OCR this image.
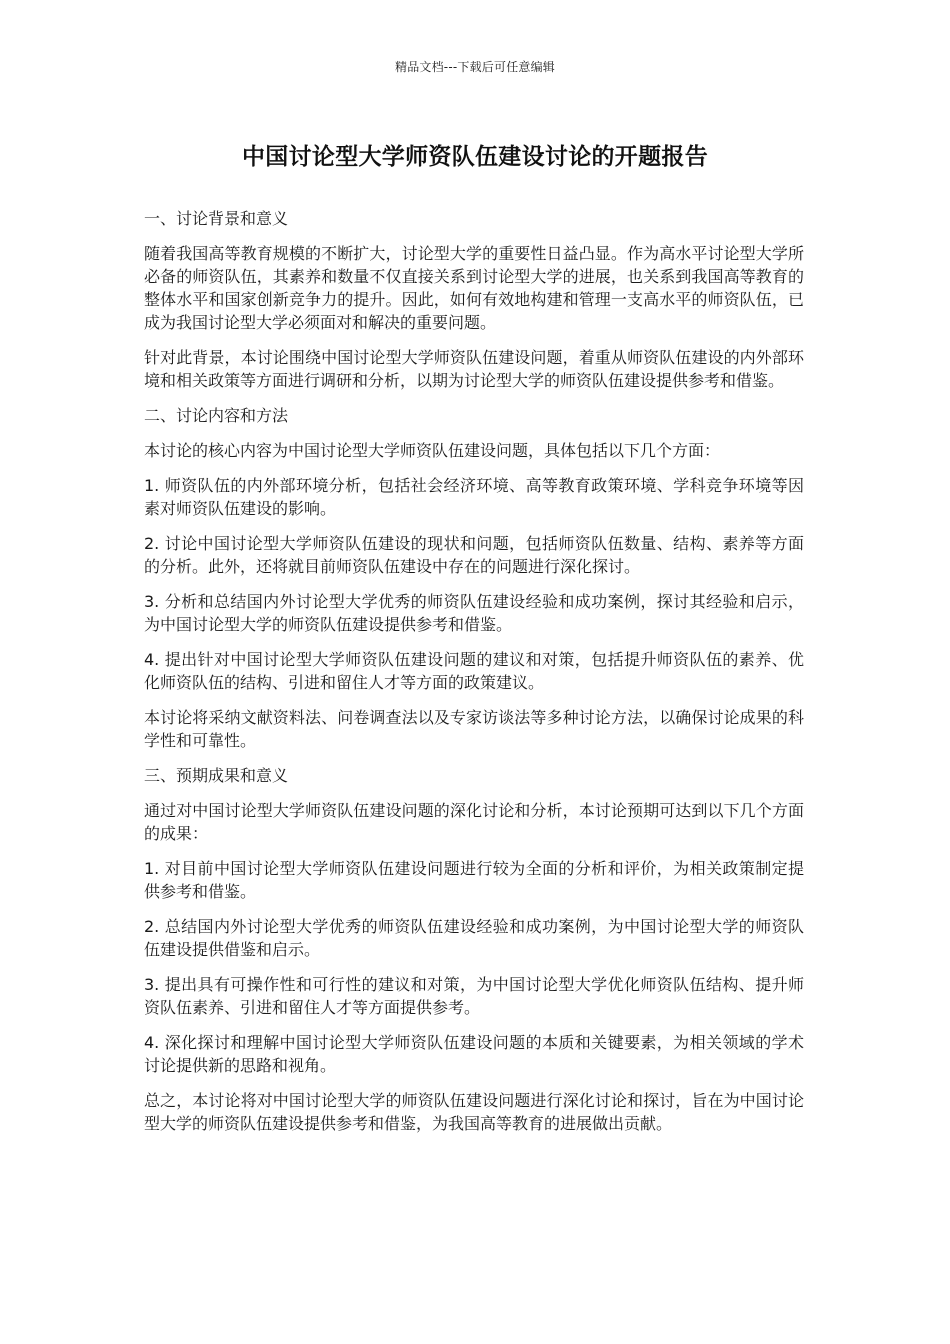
精品文档---下载后可任意编辑
中国讨论型大学师资队伍建设讨论的开题报告
一、讨论背景和意义

随着我国高等教育规模的不断扩大，讨论型大学的重要性日益凸显。作为高水平讨论型大学所必备的师资队伍，其素养和数量不仅直接关系到讨论型大学的进展，也关系到我国高等教育的整体水平和国家创新竞争力的提升。因此，如何有效地构建和管理一支高水平的师资队伍，已成为我国讨论型大学必须面对和解决的重要问题。

针对此背景，本讨论围绕中国讨论型大学师资队伍建设问题，着重从师资队伍建设的内外部环境和相关政策等方面进行调研和分析，以期为讨论型大学的师资队伍建设提供参考和借鉴。

二、讨论内容和方法

本讨论的核心内容为中国讨论型大学师资队伍建设问题，具体包括以下几个方面：

1. 师资队伍的内外部环境分析，包括社会经济环境、高等教育政策环境、学科竞争环境等因素对师资队伍建设的影响。

2. 讨论中国讨论型大学师资队伍建设的现状和问题，包括师资队伍数量、结构、素养等方面的分析。此外，还将就目前师资队伍建设中存在的问题进行深化探讨。

3. 分析和总结国内外讨论型大学优秀的师资队伍建设经验和成功案例，探讨其经验和启示，为中国讨论型大学的师资队伍建设提供参考和借鉴。

4. 提出针对中国讨论型大学师资队伍建设问题的建议和对策，包括提升师资队伍的素养、优化师资队伍的结构、引进和留住人才等方面的政策建议。

本讨论将采纳文献资料法、问卷调查法以及专家访谈法等多种讨论方法，以确保讨论成果的科学性和可靠性。

三、预期成果和意义

通过对中国讨论型大学师资队伍建设问题的深化讨论和分析，本讨论预期可达到以下几个方面的成果：

1. 对目前中国讨论型大学师资队伍建设问题进行较为全面的分析和评价，为相关政策制定提供参考和借鉴。

2. 总结国内外讨论型大学优秀的师资队伍建设经验和成功案例，为中国讨论型大学的师资队伍建设提供借鉴和启示。

3. 提出具有可操作性和可行性的建议和对策，为中国讨论型大学优化师资队伍结构、提升师资队伍素养、引进和留住人才等方面提供参考。

4. 深化探讨和理解中国讨论型大学师资队伍建设问题的本质和关键要素，为相关领域的学术讨论提供新的思路和视角。

总之，本讨论将对中国讨论型大学的师资队伍建设问题进行深化讨论和探讨，旨在为中国讨论型大学的师资队伍建设提供参考和借鉴，为我国高等教育的进展做出贡献。
